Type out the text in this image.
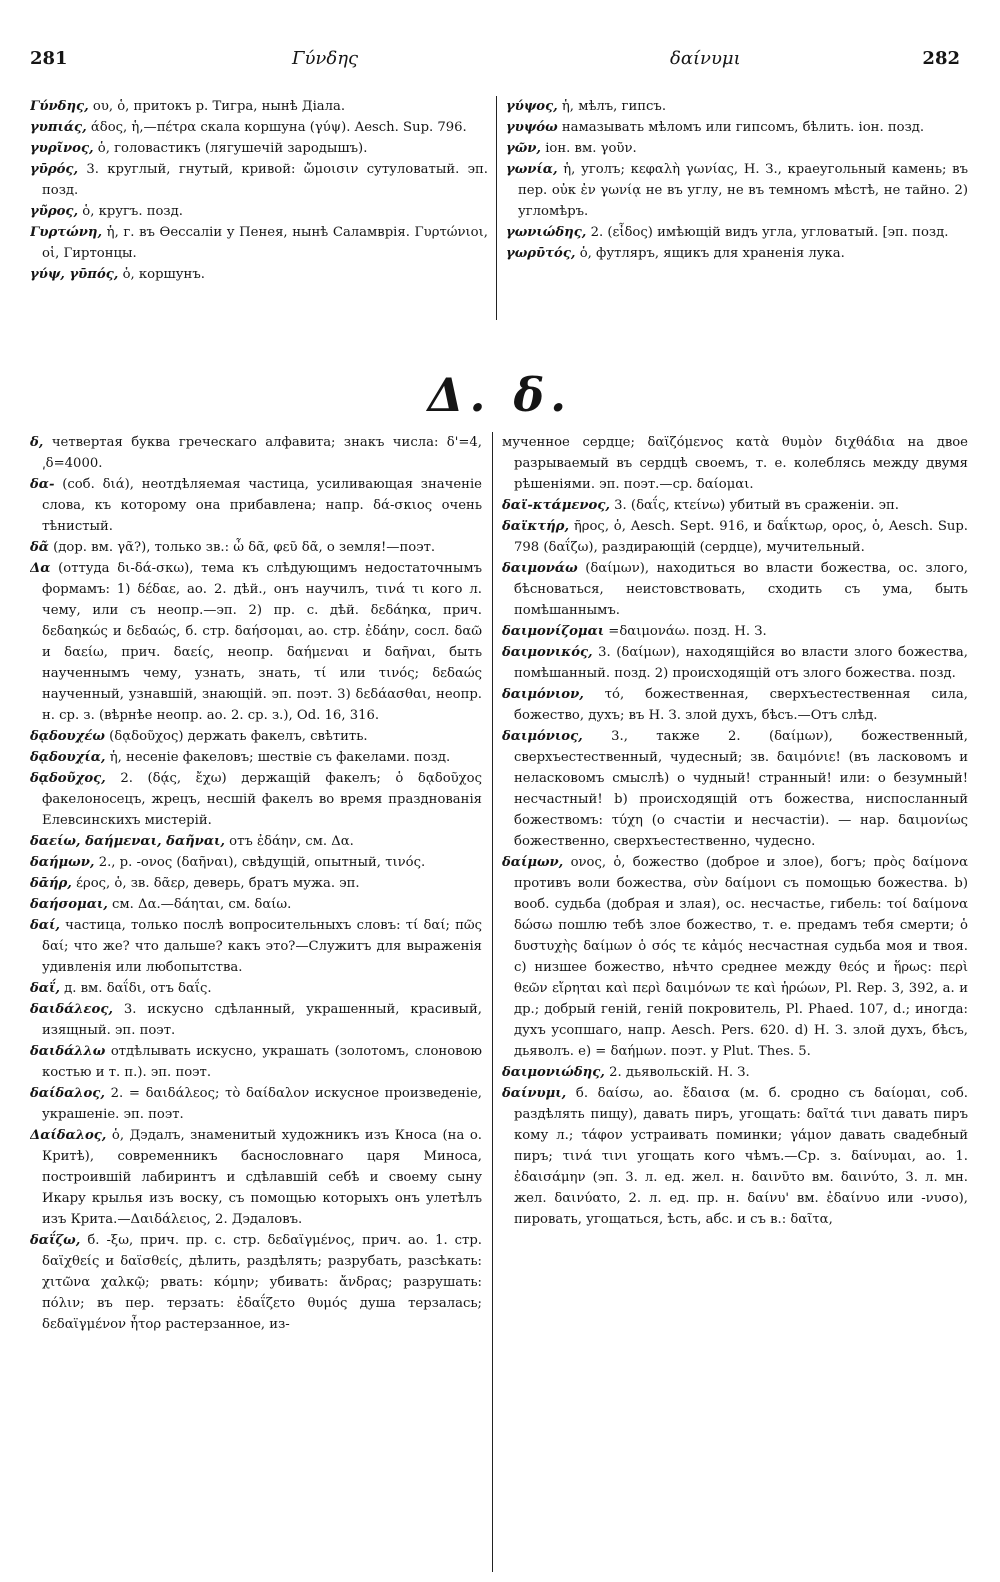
281	Γύνδης	δαίνυμι	282

Γύνδης, ου, ὁ, притокъ р. Тигра, нынѣ Діала.

γυπιάς, άδος, ἡ,—πέτρα скала коршуна (γύψ). Aesch. Sup. 796.

γυρῖνος, ὁ, головастикъ (лягушечій зародышъ).

γῡρός, 3. круглый, гнутый, кривой: ὤμοισιν сутуловатый. эп. позд.

γῦρος, ὁ, кругъ. позд.

Γυρτώνη, ἡ, г. въ Өессаліи у Пенея, нынѣ Саламврія. Γυρτώνιοι, οἱ, Гиртонцы.

γύψ, γῡπός, ὁ, коршунъ.

γύψος, ἡ, мѣлъ, гипсъ.

γυψόω намазывать мѣломъ или гипсомъ, бѣлить. іон. позд.

γῶν, іон. вм. γοῦν.

γωνία, ἡ, уголъ; κεφαλὴ γωνίας, Н. З., краеугольный камень; въ пер. οὐκ ἐν γωνίᾳ не въ углу, не въ темномъ мѣстѣ, не тайно. 2) угломѣръ.

γωνιώδης, 2. (εἶδος) имѣющій видъ угла, угловатый. [эп. позд.

γωρῡτός, ὁ, футляръ, ящикъ для храненія лука.

Δ. δ.

δ, четвертая буква греческаго алфавита; знакъ числа: δ'=4, ͵δ=4000.

δα- (соб. διά), неотдѣляемая частица, усиливающая значеніе слова, къ которому она прибавлена; напр. δά-σκιος очень тѣнистый.

δᾶ (дор. вм. γᾶ?), только зв.: ὦ δᾶ, φεῦ δᾶ, о земля!—поэт.

Δα (оттуда δι-δά-σκω), тема къ слѣдующимъ недостаточнымъ формамъ: 1) δέδαε, ао. 2. дѣй., онъ научилъ, τινά τι кого л. чему, или съ неопр.—эп. 2) пр. с. дѣй. δεδάηκα, прич. δεδαηκώς и δεδαώς, б. стр. δαήσομαι, ао. стр. ἐδάην, сосл. δαῶ и δαείω, прич. δαείς, неопр. δαήμεναι и δαῆναι, быть наученнымъ чему, узнать, знать, τί или τινός; δεδαώς наученный, узнавшій, знающій. эп. поэт. 3) δεδάασθαι, неопр. н. ср. з. (вѣрнѣе неопр. ао. 2. ср. з.), Od. 16, 316.

δᾳδουχέω (δᾳδοῦχος) держать факелъ, свѣтить.

δᾳδουχία, ἡ, несеніе факеловъ; шествіе съ факелами. позд.

δᾳδοῦχος, 2. (δᾴς, ἔχω) держащій факелъ; ὁ δᾳδοῦχος факелоносецъ, жрецъ, несшій факелъ во время празднованія Елевсинскихъ мистерій.

δαείω, δαήμεναι, δαῆναι, отъ ἐδάην, см. Δα.

δαήμων, 2., р. -ονος (δαῆναι), свѣдущій, опытный, τινός.

δᾱήρ, έρος, ὁ, зв. δᾶερ, деверь, братъ мужа. эп.

δαήσομαι, см. Δα.—δάηται, см. δαίω.

δαί, частица, только послѣ вопросительныхъ словъ: τί δαί; πῶς δαί; что же? что дальше? какъ это?—Служитъ для выраженія удивленія или любопытства.

δαΐ, д. вм. δαΐδι, отъ δαΐς.

δαιδάλεος, 3. искусно сдѣланный, украшенный, красивый, изящный. эп. поэт.

δαιδάλλω отдѣлывать искусно, украшать (золотомъ, слоновою костью и т. п.). эп. поэт.

δαίδαλος, 2. = δαιδάλεος; τὸ δαίδαλον искусное произведеніе, украшеніе. эп. поэт.

Δαίδαλος, ὁ, Дэдалъ, знаменитый художникъ изъ Кноса (на о. Критѣ), современникъ баснословнаго царя Миноса, построившій лабиринтъ и сдѣлавшій себѣ и своему сыну Икару крылья изъ воску, съ помощью которыхъ онъ улетѣлъ изъ Крита.—Δαιδάλειος, 2. Дэдаловъ.

δαΐζω, б. -ξω, прич. пр. с. стр. δεδαϊγμένος, прич. ао. 1. стр. δαϊχθείς и δαϊσθείς, дѣлить, раздѣлять; разрубать, разсѣкать: χιτῶνα χαλκῷ; рвать: κόμην; убивать: ἄνδρας; разрушать: πόλιν; въ пер. терзать: ἐδαΐζετο θυμός душа терзалась; δεδαϊγμένον ἦτορ растерзанное, из-

мученное сердце; δαϊζόμενος κατὰ θυμὸν διχθάδια на двое разрываемый въ сердцѣ своемъ, т. е. колеблясь между двумя рѣшеніями. эп. поэт.—ср. δαίομαι.

δαϊ-κτάμενος, 3. (δαΐς, κτείνω) убитый въ сраженіи. эп.

δαϊκτήρ, ῆρος, ὁ, Aesch. Sept. 916, и δαΐκτωρ, ορος, ὁ, Aesch. Sup. 798 (δαΐζω), раздирающій (сердце), мучительный.

δαιμονάω (δαίμων), находиться во власти божества, ос. злого, бѣсноваться, неистовствовать, сходить съ ума, быть помѣшаннымъ.

δαιμονίζομαι =δαιμονάω. позд. Н. З.

δαιμονικός, 3. (δαίμων), находящійся во власти злого божества, помѣшанный. позд. 2) происходящій отъ злого божества. позд.

δαιμόνιον, τό, божественная, сверхъестественная сила, божество, духъ; въ Н. З. злой духъ, бѣсъ.—Отъ слѣд.

δαιμόνιος, 3., также 2. (δαίμων), божественный, сверхъестественный, чудесный; зв. δαιμόνιε! (въ ласковомъ и неласковомъ смыслѣ) о чудный! странный! или: о безумный! несчастный! b) происходящій отъ божества, ниспосланный божествомъ: τύχη (о счастіи и несчастіи). — нар. δαιμονίως божественно, сверхъестественно, чудесно.

δαίμων, ονος, ὁ, божество (доброе и злое), богъ; πρὸς δαίμονα противъ воли божества, σὺν δαίμονι съ помощью божества. b) вооб. судьба (добрая и злая), ос. несчастье, гибель: τοί δαίμονα δώσω пошлю тебѣ злое божество, т. е. предамъ тебя смерти; ὁ δυστυχὴς δαίμων ὁ σός τε κἀμός несчастная судьба моя и твоя. c) низшее божество, нѣчто среднее между θεός и ἥρως: περὶ θεῶν εἴρηται καὶ περὶ δαιμόνων τε καὶ ἡρώων, Pl. Rep. 3, 392, a. и др.; добрый геній, геній покровитель, Pl. Phaed. 107, d.; иногда: духъ усопшаго, напр. Aesch. Pers. 620. d) Н. З. злой духъ, бѣсъ, дьяволъ. e) = δαήμων. поэт. у Plut. Thes. 5.

δαιμονιώδης, 2. дьявольскій. Н. З.

δαίνυμι, б. δαίσω, ао. ἔδαισα (м. б. сродно съ δαίομαι, соб. раздѣлять пищу), давать пиръ, угощать: δαῖτά τινι давать пиръ кому л.; τάφον устраивать поминки; γάμον давать свадебный пиръ; τινά τινι угощать кого чѣмъ.—Ср. з. δαίνυμαι, ао. 1. ἐδαισάμην (эп. 3. л. ед. жел. н. δαινῦτο вм. δαινύτο, 3. л. мн. жел. δαινύατο, 2. л. ед. пр. н. δαίνυ' вм. ἐδαίνυο или -νυσο), пировать, угощаться, ѣсть, абс. и съ в.: δαῖτα,
